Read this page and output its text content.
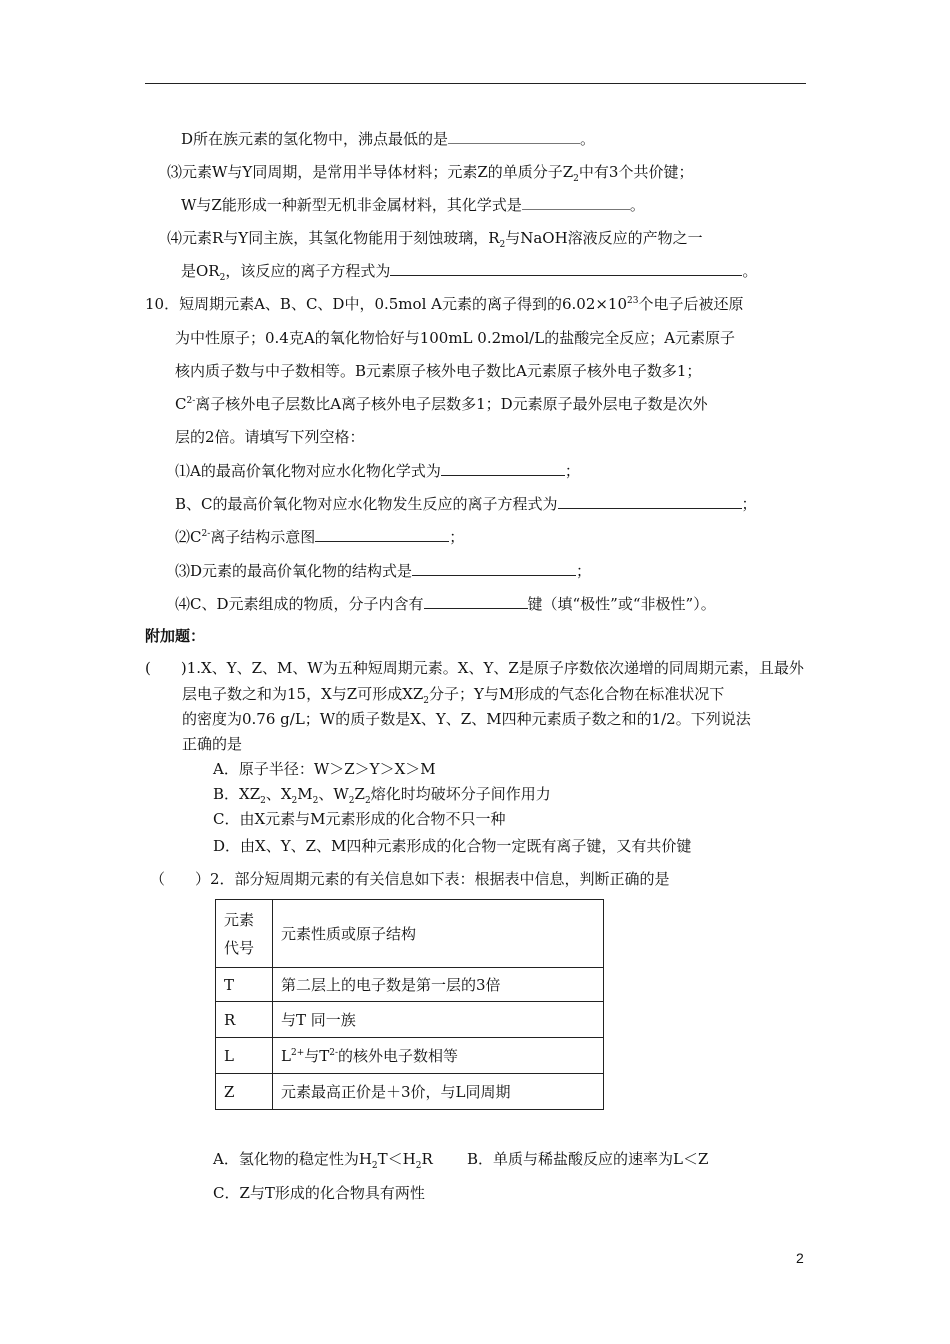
D所在族元素的氢化物中，沸点最低的是	。
⑶元素W与Y同周期，是常用半导体材料；元素Z的单质分子$Z_2$中有3个共价键；
W与Z能形成一种新型无机非金属材料，其化学式是	。
⑷元素R与Y同主族，其氢化物能用于刻蚀玻璃，$R_2$与NaOH溶液反应的产物之一
是$OR_2$，该反应的离子方程式为	。
10．短周期元素A、B、C、D中，0.5mol A元素的离子得到的$6.02\times 10^{23}$个电子后被还原
为中性原子；0.4克A的氧化物恰好与100mL 0.2mol/L的盐酸完全反应；A元素原子
核内质子数与中子数相等。B元素原子核外电子数比A元素原子核外电子数多1；
$C^{2-}$离子核外电子层数比A离子核外电子层数多1；D元素原子最外层电子数是次外
层的2倍。请填写下列空格：
⑴A的最高价氧化物对应水化物化学式为	；
B、C的最高价氧化物对应水化物发生反应的离子方程式为	；
$⑵C^{2-}$离子结构示意图	；
⑶D元素的最高价氧化物的结构式是	；
⑷C、D元素组成的物质，分子内含有	键（填“极性”或“非极性”）。
附加题：
(　　)1.X、Y、Z、M、W为五种短周期元素。X、Y、Z是原子序数依次递增的同周期元素，且最外
层电子数之和为15，X与Z可形成$XZ_2$分子；Y与M形成的气态化合物在标准状况下
的密度为0.76 g/L；W的质子数是X、Y、Z、M四种元素质子数之和的1/2。下列说法
正确的是
A．原子半径：W＞Z＞Y＞X＞M
B．$XZ_2$、$X_2M_2$、$W_2Z_2$熔化时均破坏分子间作用力
C．由X元素与M元素形成的化合物不只一种
D．由X、Y、Z、M四种元素形成的化合物一定既有离子键，又有共价键
（　　）2．部分短周期元素的有关信息如下表：根据表中信息，判断正确的是
元素
代号	元素性质或原子结构
T	第二层上的电子数是第一层的3倍
R	与T 同一族
L	$L^{2+}$与$T^{2-}$的核外电子数相等
Z	元素最高正价是＋3价，与L同周期
A．氢化物的稳定性为$H_2T<H_2R$ B．单质与稀盐酸反应的速率为L＜Z
C．Z与T形成的化合物具有两性
2
